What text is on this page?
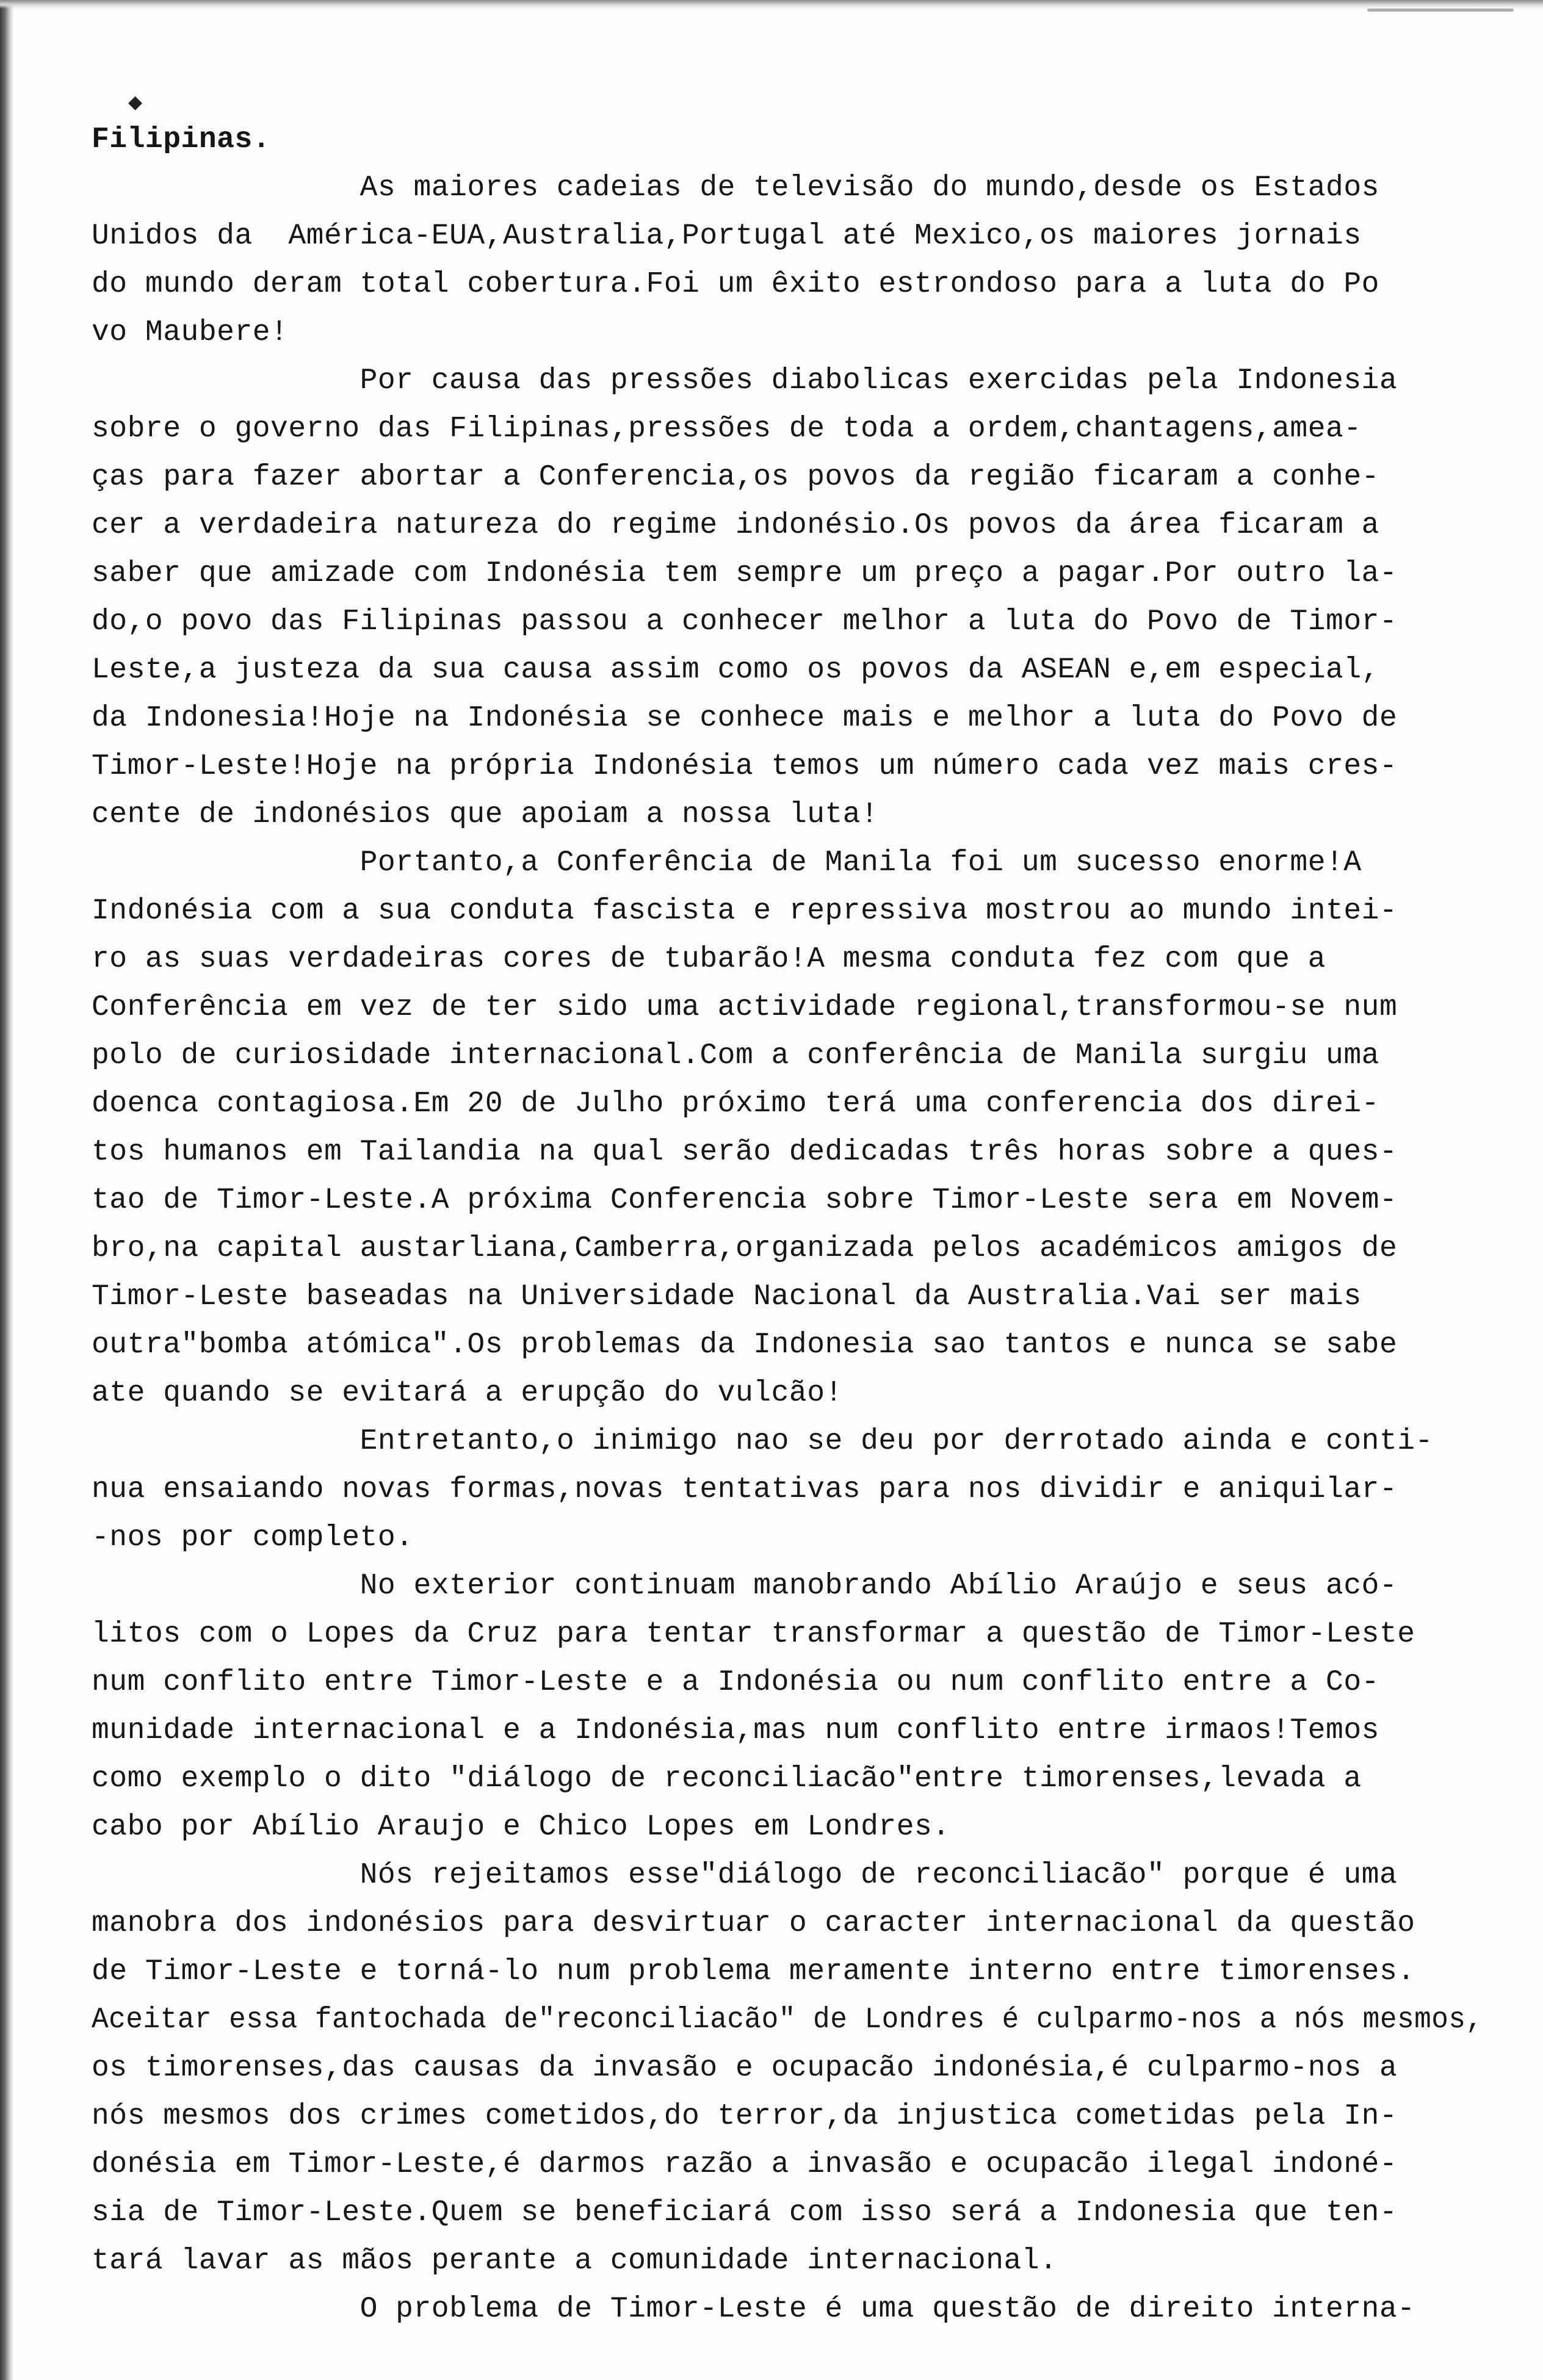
◆
Filipinas.
As maiores cadeias de televisão do mundo,desde os Estados
Unidos da  América-EUA,Australia,Portugal até Mexico,os maiores jornais
do mundo deram total cobertura.Foi um êxito estrondoso para a luta do Po
vo Maubere!
Por causa das pressões diabolicas exercidas pela Indonesia
sobre o governo das Filipinas,pressões de toda a ordem,chantagens,amea-
ças para fazer abortar a Conferencia,os povos da região ficaram a conhe-
cer a verdadeira natureza do regime indonésio.Os povos da área ficaram a
saber que amizade com Indonésia tem sempre um preço a pagar.Por outro la-
do,o povo das Filipinas passou a conhecer melhor a luta do Povo de Timor-
Leste,a justeza da sua causa assim como os povos da ASEAN e,em especial,
da Indonesia!Hoje na Indonésia se conhece mais e melhor a luta do Povo de
Timor-Leste!Hoje na própria Indonésia temos um número cada vez mais cres-
cente de indonésios que apoiam a nossa luta!
Portanto,a Conferência de Manila foi um sucesso enorme!A
Indonésia com a sua conduta fascista e repressiva mostrou ao mundo intei-
ro as suas verdadeiras cores de tubarão!A mesma conduta fez com que a
Conferência em vez de ter sido uma actividade regional,transformou-se num
polo de curiosidade internacional.Com a conferência de Manila surgiu uma
doenca contagiosa.Em 20 de Julho próximo terá uma conferencia dos direi-
tos humanos em Tailandia na qual serão dedicadas três horas sobre a ques-
tao de Timor-Leste.A próxima Conferencia sobre Timor-Leste sera em Novem-
bro,na capital austarliana,Camberra,organizada pelos académicos amigos de
Timor-Leste baseadas na Universidade Nacional da Australia.Vai ser mais
outra"bomba atómica".Os problemas da Indonesia sao tantos e nunca se sabe
ate quando se evitará a erupção do vulcão!
Entretanto,o inimigo nao se deu por derrotado ainda e conti-
nua ensaiando novas formas,novas tentativas para nos dividir e aniquilar-
-nos por completo.
No exterior continuam manobrando Abílio Araújo e seus acó-
litos com o Lopes da Cruz para tentar transformar a questão de Timor-Leste
num conflito entre Timor-Leste e a Indonésia ou num conflito entre a Co-
munidade internacional e a Indonésia,mas num conflito entre irmaos!Temos
como exemplo o dito "diálogo de reconciliacão"entre timorenses,levada a
cabo por Abílio Araujo e Chico Lopes em Londres.
Nós rejeitamos esse"diálogo de reconciliacão" porque é uma
manobra dos indonésios para desvirtuar o caracter internacional da questão
de Timor-Leste e torná-lo num problema meramente interno entre timorenses.
Aceitar essa fantochada de"reconciliacão" de Londres é culparmo-nos a nós mesmos,
os timorenses,das causas da invasão e ocupacão indonésia,é culparmo-nos a
nós mesmos dos crimes cometidos,do terror,da injustica cometidas pela In-
donésia em Timor-Leste,é darmos razão a invasão e ocupacão ilegal indoné-
sia de Timor-Leste.Quem se beneficiará com isso será a Indonesia que ten-
tará lavar as mãos perante a comunidade internacional.
O problema de Timor-Leste é uma questão de direito interna-
